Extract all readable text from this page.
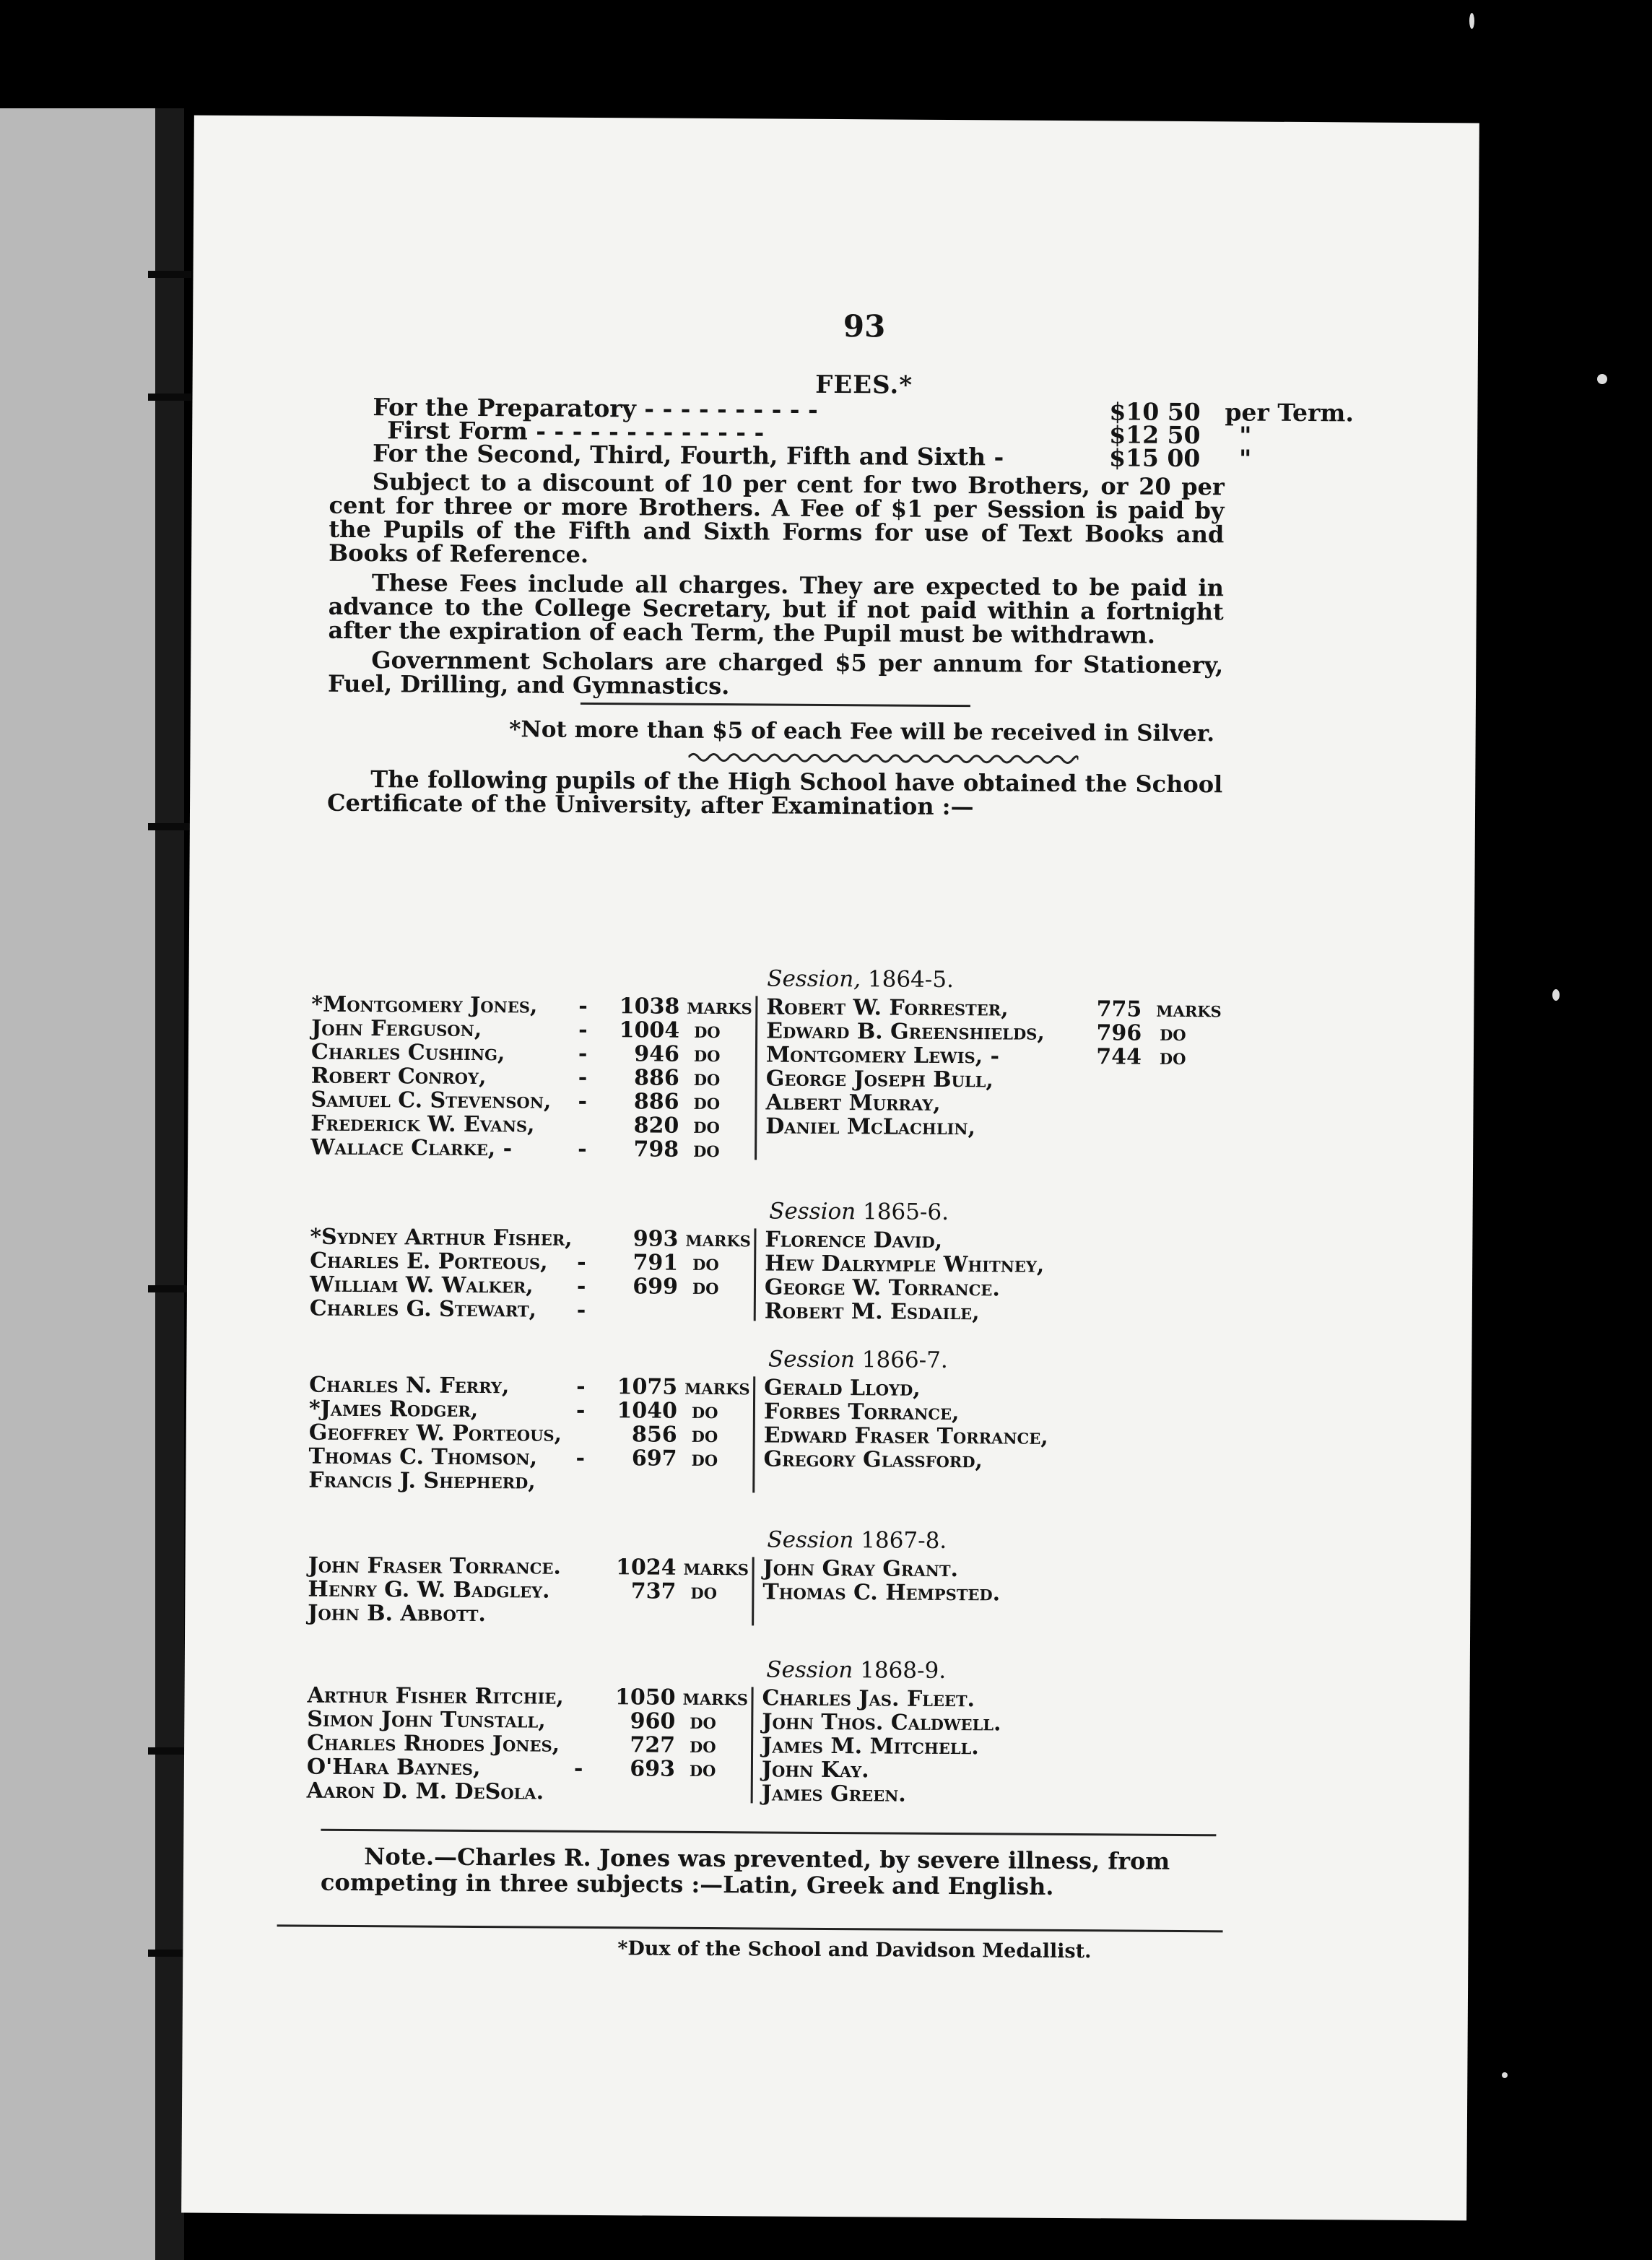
93
FEES.*
For the Preparatory - - - - - - - - - -	$10 50 per Term.
First Form - - - - - - - - - - - - -	$12 50 "
For the Second, Third, Fourth, Fifth and Sixth -	$15 00 "

Subject to a discount of 10 per cent for two Brothers, or 20 per cent for three or more Brothers. A Fee of $1 per Session is paid by the Pupils of the Fifth and Sixth Forms for use of Text Books and Books of Reference.

These Fees include all charges. They are expected to be paid in advance to the College Secretary, but if not paid within a fortnight after the expiration of each Term, the Pupil must be withdrawn.

Government Scholars are charged $5 per annum for Stationery, Fuel, Drilling, and Gymnastics.

*Not more than $5 of each Fee will be received in Silver.

The following pupils of the High School have obtained the School Certificate of the University, after Examination :—

Session, 1864-5.
*Montgomery Jones, -	1038 marks
John Ferguson,	-	1004 do
Charles Cushing,	-	946 do
Robert Conroy,	-	886 do
Samuel C. Stevenson, -	886 do
Frederick W. Evans,	820 do
Wallace Clarke, -	-	798 do
Robert W. Forrester,	775 marks
Edward B. Greenshields,	796 do
Montgomery Lewis, -	744 do
George Joseph Bull,
Albert Murray,
Daniel McLachlin,
Session 1865-6.
*Sydney Arthur Fisher,	993 marks
Charles E. Porteous, -	791 do
William W. Walker, -	699 do
Charles G. Stewart, -
Florence David,
Hew Dalrymple Whitney,
George W. Torrance.
Robert M. Esdaile,
Session 1866-7.
Charles N. Ferry,	-	1075 marks
*James Rodger,	-	1040 do
Geoffrey W. Porteous,	856 do
Thomas C. Thomson, -	697 do
Francis J. Shepherd,
Gerald Lloyd,
Forbes Torrance,
Edward Fraser Torrance,
Gregory Glassford,
Session 1867-8.
John Fraser Torrance.	1024 marks
Henry G. W. Badgley.	737 do
John B. Abbott.
John Gray Grant.
Thomas C. Hempsted.
Session 1868-9.
Arthur Fisher Ritchie,	1050 marks
Simon John Tunstall,	960 do
Charles Rhodes Jones,	727 do
O'Hara Baynes,	-	693 do
Aaron D. M. DeSola.
Charles Jas. Fleet.
John Thos. Caldwell.
James M. Mitchell.
John Kay.
James Green.

Note.—Charles R. Jones was prevented, by severe illness, from competing in three subjects :—Latin, Greek and English.

*Dux of the School and Davidson Medallist.
